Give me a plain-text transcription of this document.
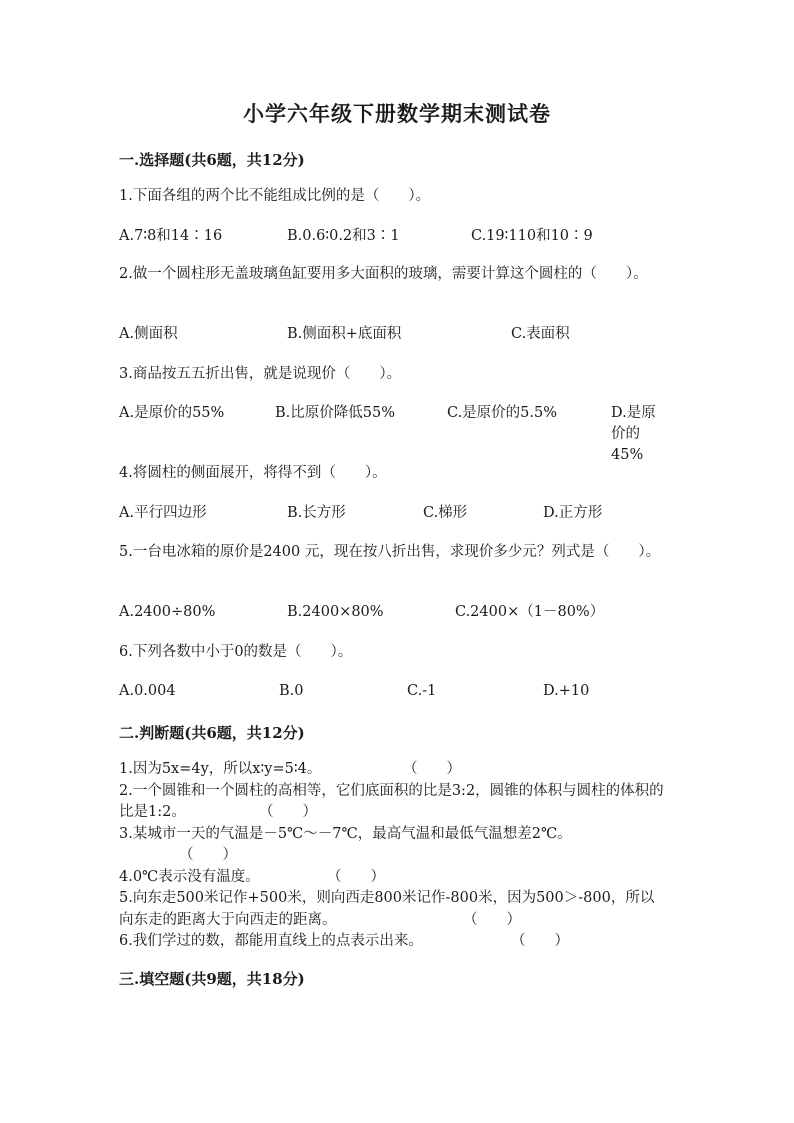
小学六年级下册数学期末测试卷
一.选择题(共6题，共12分)
1.下面各组的两个比不能组成比例的是（　　）。
A.7∶8和14∶16	B.0.6∶0.2和3∶1	C.19∶110和10∶9
2.做一个圆柱形无盖玻璃鱼缸要用多大面积的玻璃，需要计算这个圆柱的（　　）。
A.侧面积	B.侧面积+底面积	C.表面积
3.商品按五五折出售，就是说现价（　　）。
A.是原价的55%	B.比原价降低55%	C.是原价的5.5%	D.是原价的45%
4.将圆柱的侧面展开，将得不到（　　）。
A.平行四边形	B.长方形	C.梯形	D.正方形
5.一台电冰箱的原价是2400 元，现在按八折出售，求现价多少元？列式是（　　）。
A.2400÷80%	B.2400×80%	C.2400×（1－80%）
6.下列各数中小于0的数是（　　）。
A.0.004	B.0	C.-1	D.+10
二.判断题(共6题，共12分)
1.因为5x=4y，所以x∶y=5∶4。	（　　）
2.一个圆锥和一个圆柱的高相等，它们底面积的比是3:2，圆锥的体积与圆柱的体积的比是1:2。	（　　）
3.某城市一天的气温是－5℃～－7℃，最高气温和最低气温想差2℃。
（　　）
4.0℃表示没有温度。	（　　）
5.向东走500米记作+500米，则向西走800米记作-800米，因为500＞-800，所以向东走的距离大于向西走的距离。	（　　）
6.我们学过的数，都能用直线上的点表示出来。	（　　）
三.填空题(共9题，共18分)
